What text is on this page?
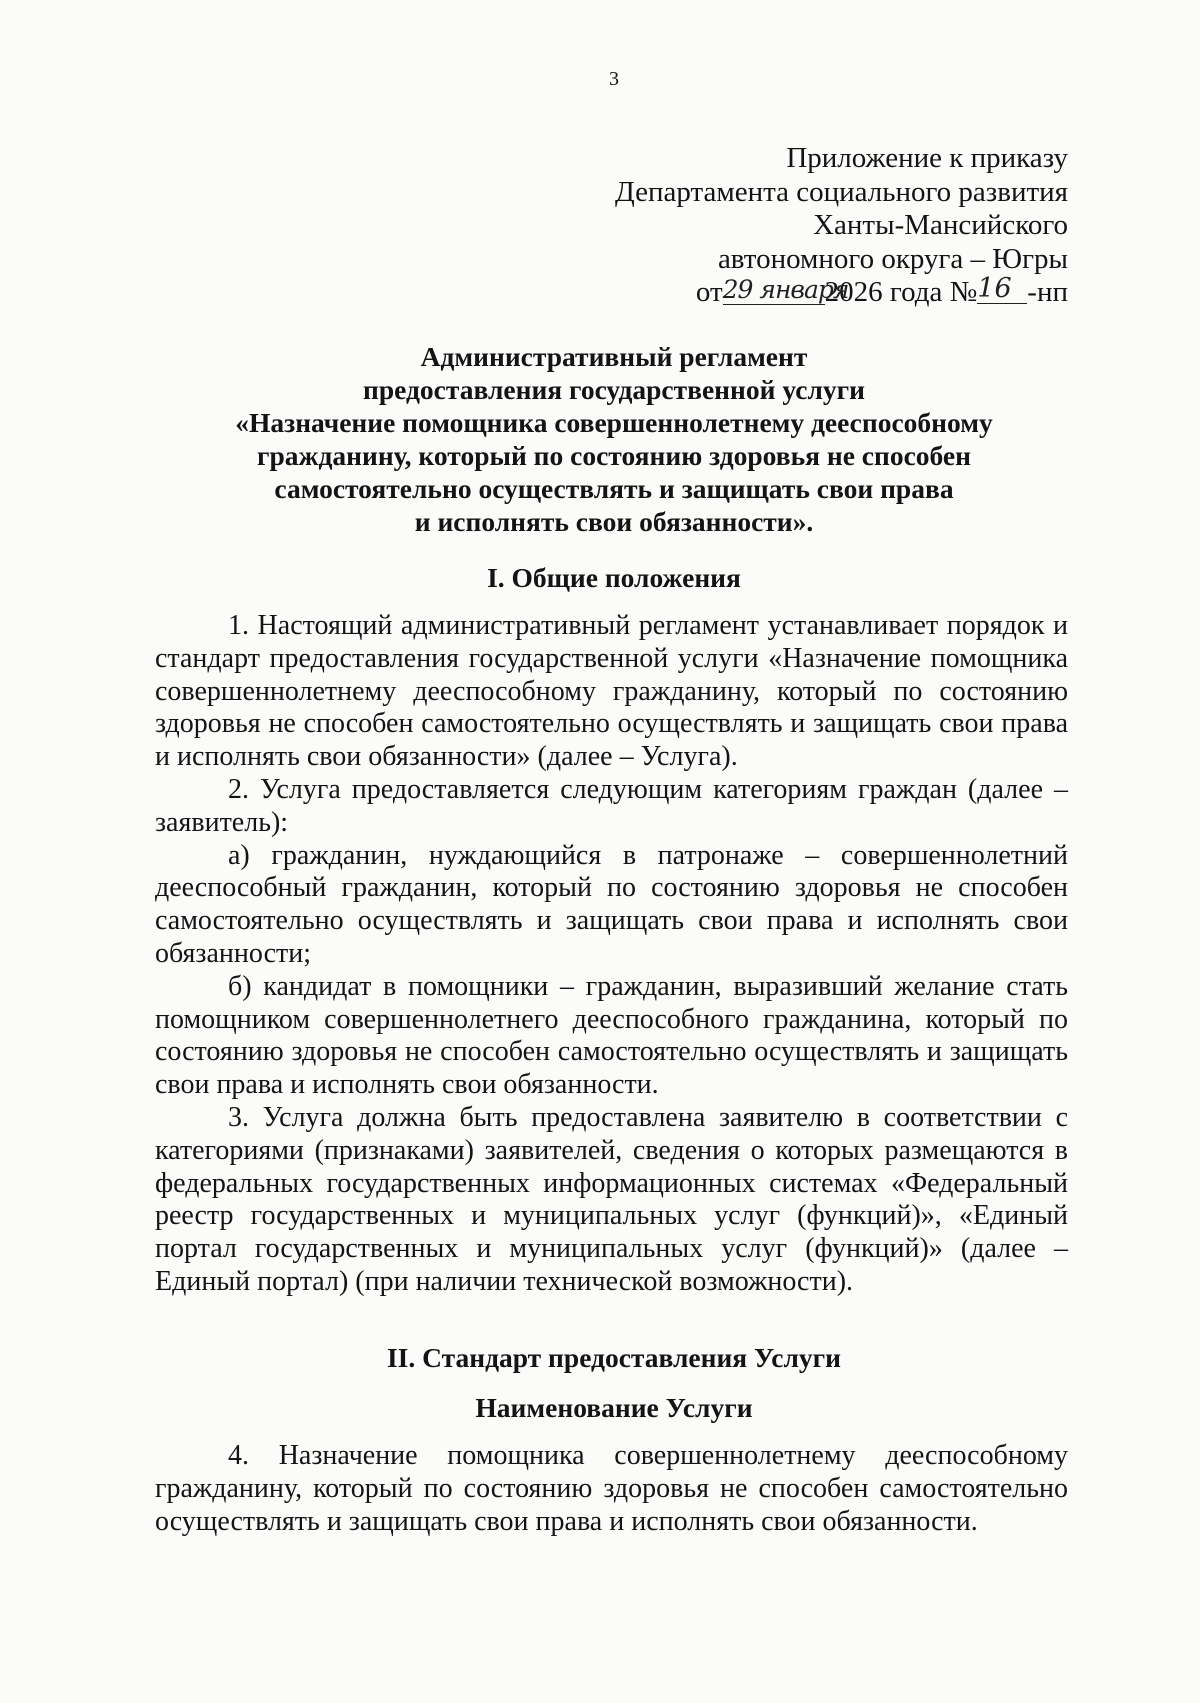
3
Приложение к приказу
Департамента социального развития
Ханты-Мансийского
автономного округа – Югры
от29 января2026 года №16 -нп
Административный регламент
предоставления государственной услуги
«Назначение помощника совершеннолетнему дееспособному
гражданину, который по состоянию здоровья не способен
самостоятельно осуществлять и защищать свои права
и исполнять свои обязанности».
I. Общие положения

1. Настоящий административный регламент устанавливает порядок и стандарт предоставления государственной услуги «Назначение помощника совершеннолетнему дееспособному гражданину, который по состоянию здоровья не способен самостоятельно осуществлять и защищать свои права и исполнять свои обязанности» (далее – Услуга).

2. Услуга предоставляется следующим категориям граждан (далее – заявитель):

а) гражданин, нуждающийся в патронаже – совершеннолетний дееспособный гражданин, который по состоянию здоровья не способен самостоятельно осуществлять и защищать свои права и исполнять свои обязанности;

б) кандидат в помощники – гражданин, выразивший желание стать помощником совершеннолетнего дееспособного гражданина, который по состоянию здоровья не способен самостоятельно осуществлять и защищать свои права и исполнять свои обязанности.

3. Услуга должна быть предоставлена заявителю в соответствии с категориями (признаками) заявителей, сведения о которых размещаются в федеральных государственных информационных системах «Федеральный реестр государственных и муниципальных услуг (функций)», «Единый портал государственных и муниципальных услуг (функций)» (далее – Единый портал) (при наличии технической возможности).

II. Стандарт предоставления Услуги
Наименование Услуги

4. Назначение помощника совершеннолетнему дееспособному гражданину, который по состоянию здоровья не способен самостоятельно осуществлять и защищать свои права и исполнять свои обязанности.
